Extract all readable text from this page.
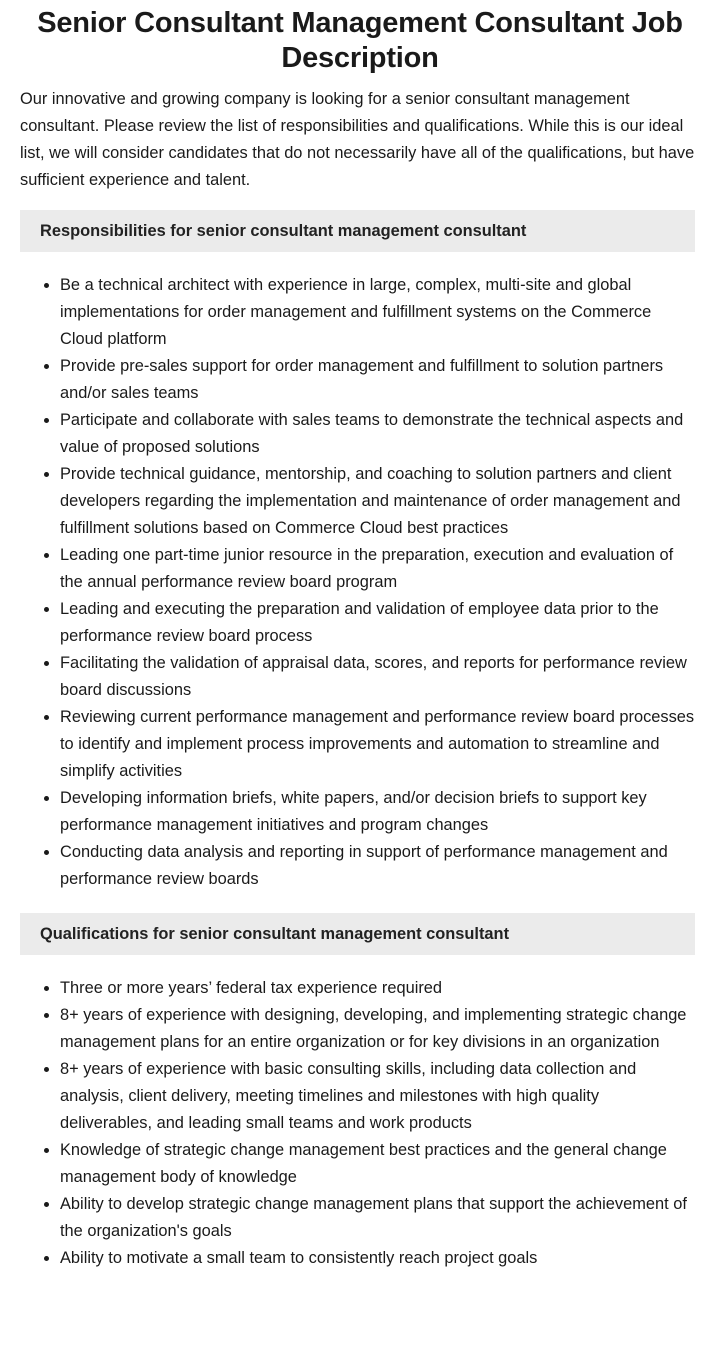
Senior Consultant Management Consultant Job Description

Our innovative and growing company is looking for a senior consultant management consultant. Please review the list of responsibilities and qualifications. While this is our ideal list, we will consider candidates that do not necessarily have all of the qualifications, but have sufficient experience and talent.

Responsibilities for senior consultant management consultant
• Be a technical architect with experience in large, complex, multi-site and global implementations for order management and fulfillment systems on the Commerce Cloud platform
• Provide pre-sales support for order management and fulfillment to solution partners and/or sales teams
• Participate and collaborate with sales teams to demonstrate the technical aspects and value of proposed solutions
• Provide technical guidance, mentorship, and coaching to solution partners and client developers regarding the implementation and maintenance of order management and fulfillment solutions based on Commerce Cloud best practices
• Leading one part-time junior resource in the preparation, execution and evaluation of the annual performance review board program
• Leading and executing the preparation and validation of employee data prior to the performance review board process
• Facilitating the validation of appraisal data, scores, and reports for performance review board discussions
• Reviewing current performance management and performance review board processes to identify and implement process improvements and automation to streamline and simplify activities
• Developing information briefs, white papers, and/or decision briefs to support key performance management initiatives and program changes
• Conducting data analysis and reporting in support of performance management and performance review boards
Qualifications for senior consultant management consultant
• Three or more years’ federal tax experience required
• 8+ years of experience with designing, developing, and implementing strategic change management plans for an entire organization or for key divisions in an organization
• 8+ years of experience with basic consulting skills, including data collection and analysis, client delivery, meeting timelines and milestones with high quality deliverables, and leading small teams and work products
• Knowledge of strategic change management best practices and the general change management body of knowledge
• Ability to develop strategic change management plans that support the achievement of the organization's goals
• Ability to motivate a small team to consistently reach project goals
